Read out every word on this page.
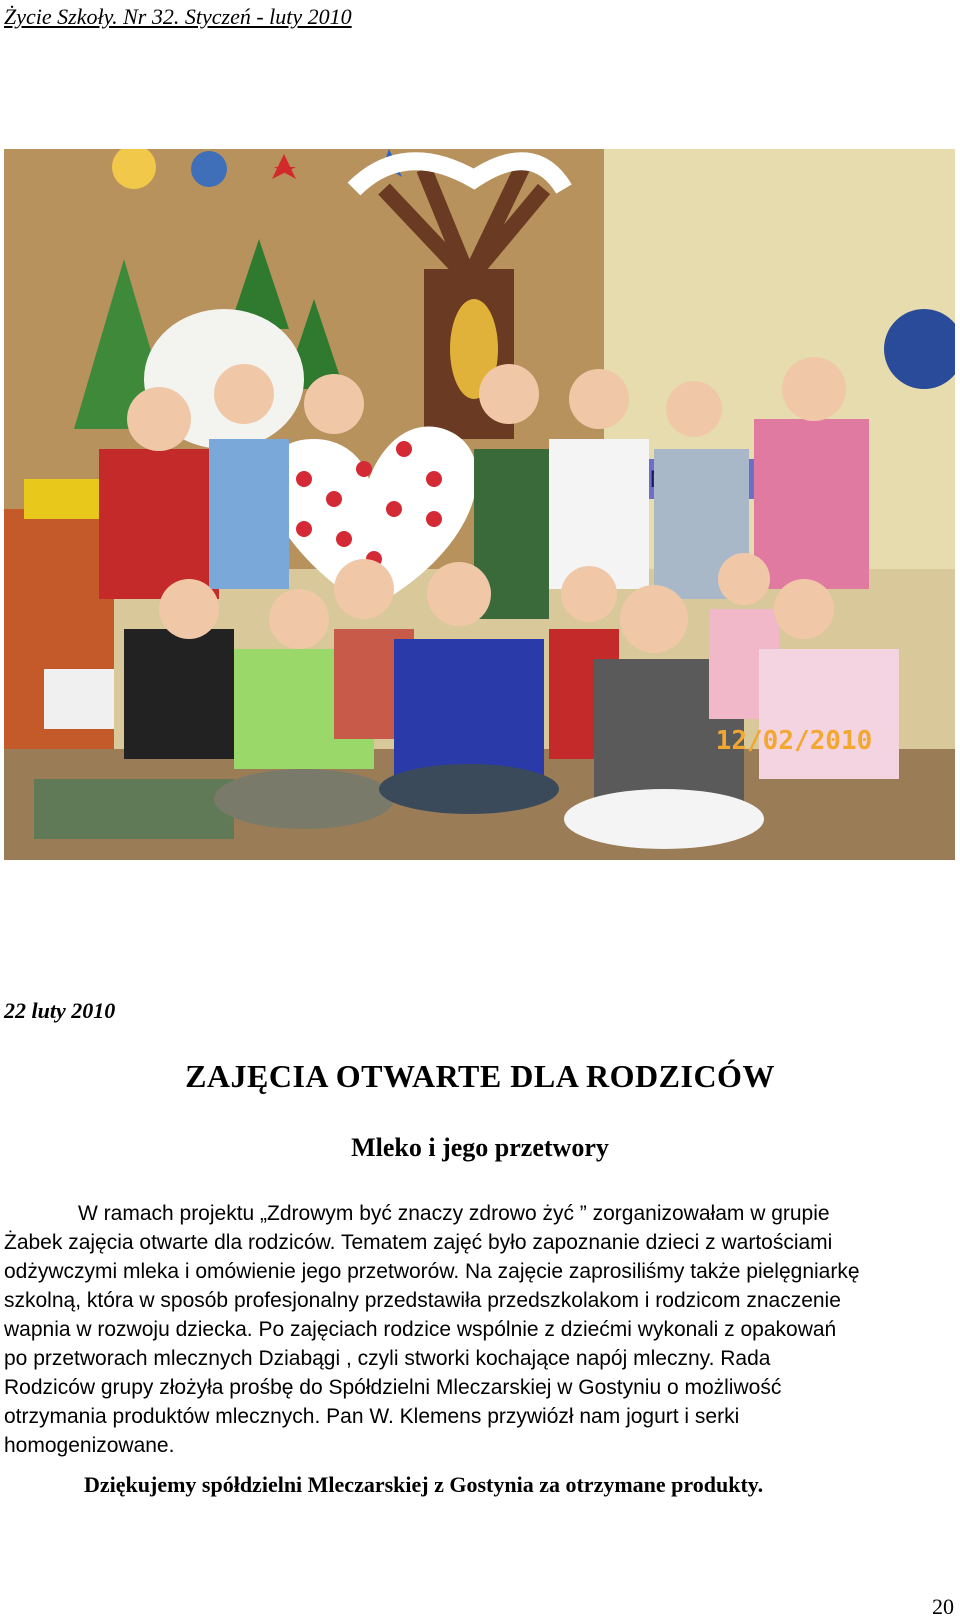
Życie Szkoły. Nr 32. Styczeń - luty 2010
12/02/2010
22 luty 2010
ZAJĘCIA OTWARTE DLA RODZICÓW
Mleko i jego przetwory
W ramach projektu „Zdrowym być znaczy zdrowo żyć ” zorganizowałam w grupie
Żabek zajęcia otwarte dla rodziców. Tematem zajęć było zapoznanie dzieci z wartościami
odżywczymi mleka i omówienie jego przetworów. Na zajęcie zaprosiliśmy także pielęgniarkę
szkolną, która w sposób profesjonalny przedstawiła przedszkolakom i rodzicom znaczenie
wapnia w rozwoju dziecka. Po zajęciach rodzice wspólnie z dziećmi wykonali z opakowań
po przetworach mlecznych Dziabągi , czyli stworki kochające napój mleczny. Rada
Rodziców grupy złożyła prośbę do Spółdzielni Mleczarskiej w Gostyniu o możliwość
otrzymania produktów mlecznych. Pan W. Klemens przywiózł nam jogurt i serki
homogenizowane.
Dziękujemy spółdzielni Mleczarskiej z Gostynia za otrzymane produkty.
20
